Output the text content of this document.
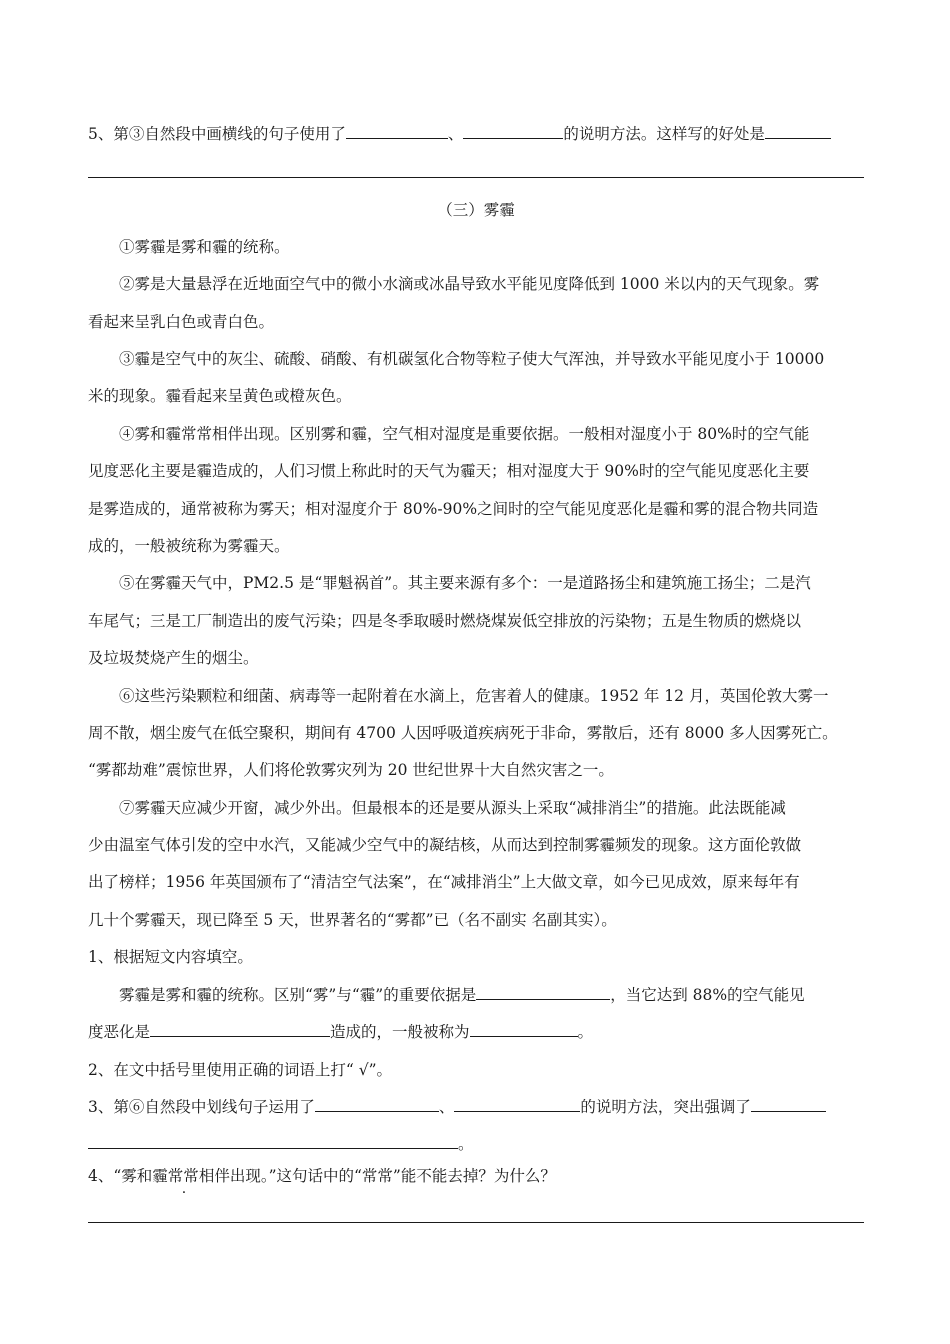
5、第③自然段中画横线的句子使用了	、	的说明方法。这样写的好处是
（三）雾霾
①雾霾是雾和霾的统称。
②雾是大量悬浮在近地面空气中的微小水滴或冰晶导致水平能见度降低到 1000 米以内的天气现象。雾
看起来呈乳白色或青白色。
③霾是空气中的灰尘、硫酸、硝酸、有机碳氢化合物等粒子使大气浑浊，并导致水平能见度小于 10000
米的现象。霾看起来呈黄色或橙灰色。
④雾和霾常常相伴出现。区别雾和霾，空气相对湿度是重要依据。一般相对湿度小于 80%时的空气能
见度恶化主要是霾造成的，人们习惯上称此时的天气为霾天；相对湿度大于 90%时的空气能见度恶化主要
是雾造成的，通常被称为雾天；相对湿度介于 80%-90%之间时的空气能见度恶化是霾和雾的混合物共同造
成的，一般被统称为雾霾天。
⑤在雾霾天气中，PM2.5 是“罪魁祸首”。其主要来源有多个：一是道路扬尘和建筑施工扬尘；二是汽
车尾气；三是工厂制造出的废气污染；四是冬季取暖时燃烧煤炭低空排放的污染物；五是生物质的燃烧以
及垃圾焚烧产生的烟尘。
⑥这些污染颗粒和细菌、病毒等一起附着在水滴上，危害着人的健康。1952 年 12 月，英国伦敦大雾一
周不散，烟尘废气在低空聚积，期间有 4700 人因呼吸道疾病死于非命，雾散后，还有 8000 多人因雾死亡。
“雾都劫难”震惊世界，人们将伦敦雾灾列为 20 世纪世界十大自然灾害之一。
⑦雾霾天应减少开窗，减少外出。但最根本的还是要从源头上采取“减排消尘”的措施。此法既能减
少由温室气体引发的空中水汽，又能减少空气中的凝结核，从而达到控制雾霾频发的现象。这方面伦敦做
出了榜样；1956 年英国颁布了“清洁空气法案”，在“减排消尘”上大做文章，如今已见成效，原来每年有
几十个雾霾天，现已降至 5 天，世界著名的“雾都”已（名不副实 名副其实）。
1、根据短文内容填空。
雾霾是雾和霾的统称。区别“雾”与“霾”的重要依据是	，当它达到 88%的空气能见
度恶化是	造成的，一般被称为	。
2、在文中括号里使用正确的词语上打“ √”。
3、第⑥自然段中划线句子运用了	、	的说明方法，突出强调了
。
4、“雾和霾常常相伴出现。”这句话中的“常常”能不能去掉？为什么？
